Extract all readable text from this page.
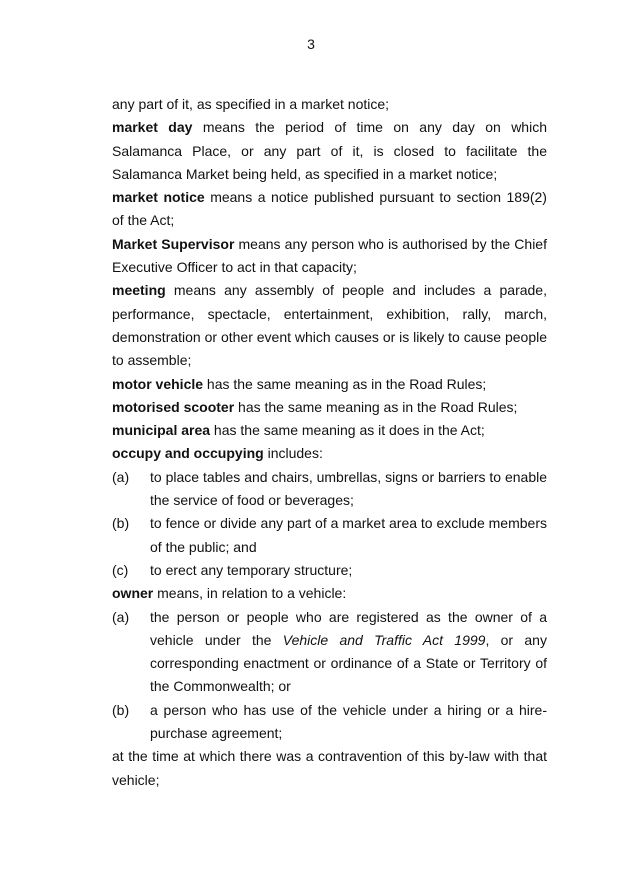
3

any part of it, as specified in a market notice;

market day means the period of time on any day on which Salamanca Place, or any part of it, is closed to facilitate the Salamanca Market being held, as specified in a market notice;

market notice means a notice published pursuant to section 189(2) of the Act;

Market Supervisor means any person who is authorised by the Chief Executive Officer to act in that capacity;

meeting means any assembly of people and includes a parade, performance, spectacle, entertainment, exhibition, rally, march, demonstration or other event which causes or is likely to cause people to assemble;

motor vehicle has the same meaning as in the Road Rules;

motorised scooter has the same meaning as in the Road Rules;

municipal area has the same meaning as it does in the Act;

occupy and occupying includes:

(a)	to place tables and chairs, umbrellas, signs or barriers to enable the service of food or beverages;
(b)	to fence or divide any part of a market area to exclude members of the public; and
(c)	to erect any temporary structure;

owner means, in relation to a vehicle:

(a)	the person or people who are registered as the owner of a vehicle under the Vehicle and Traffic Act 1999, or any corresponding enactment or ordinance of a State or Territory of the Commonwealth; or
(b)	a person who has use of the vehicle under a hiring or a hire-purchase agreement;

at the time at which there was a contravention of this by-law with that vehicle;
